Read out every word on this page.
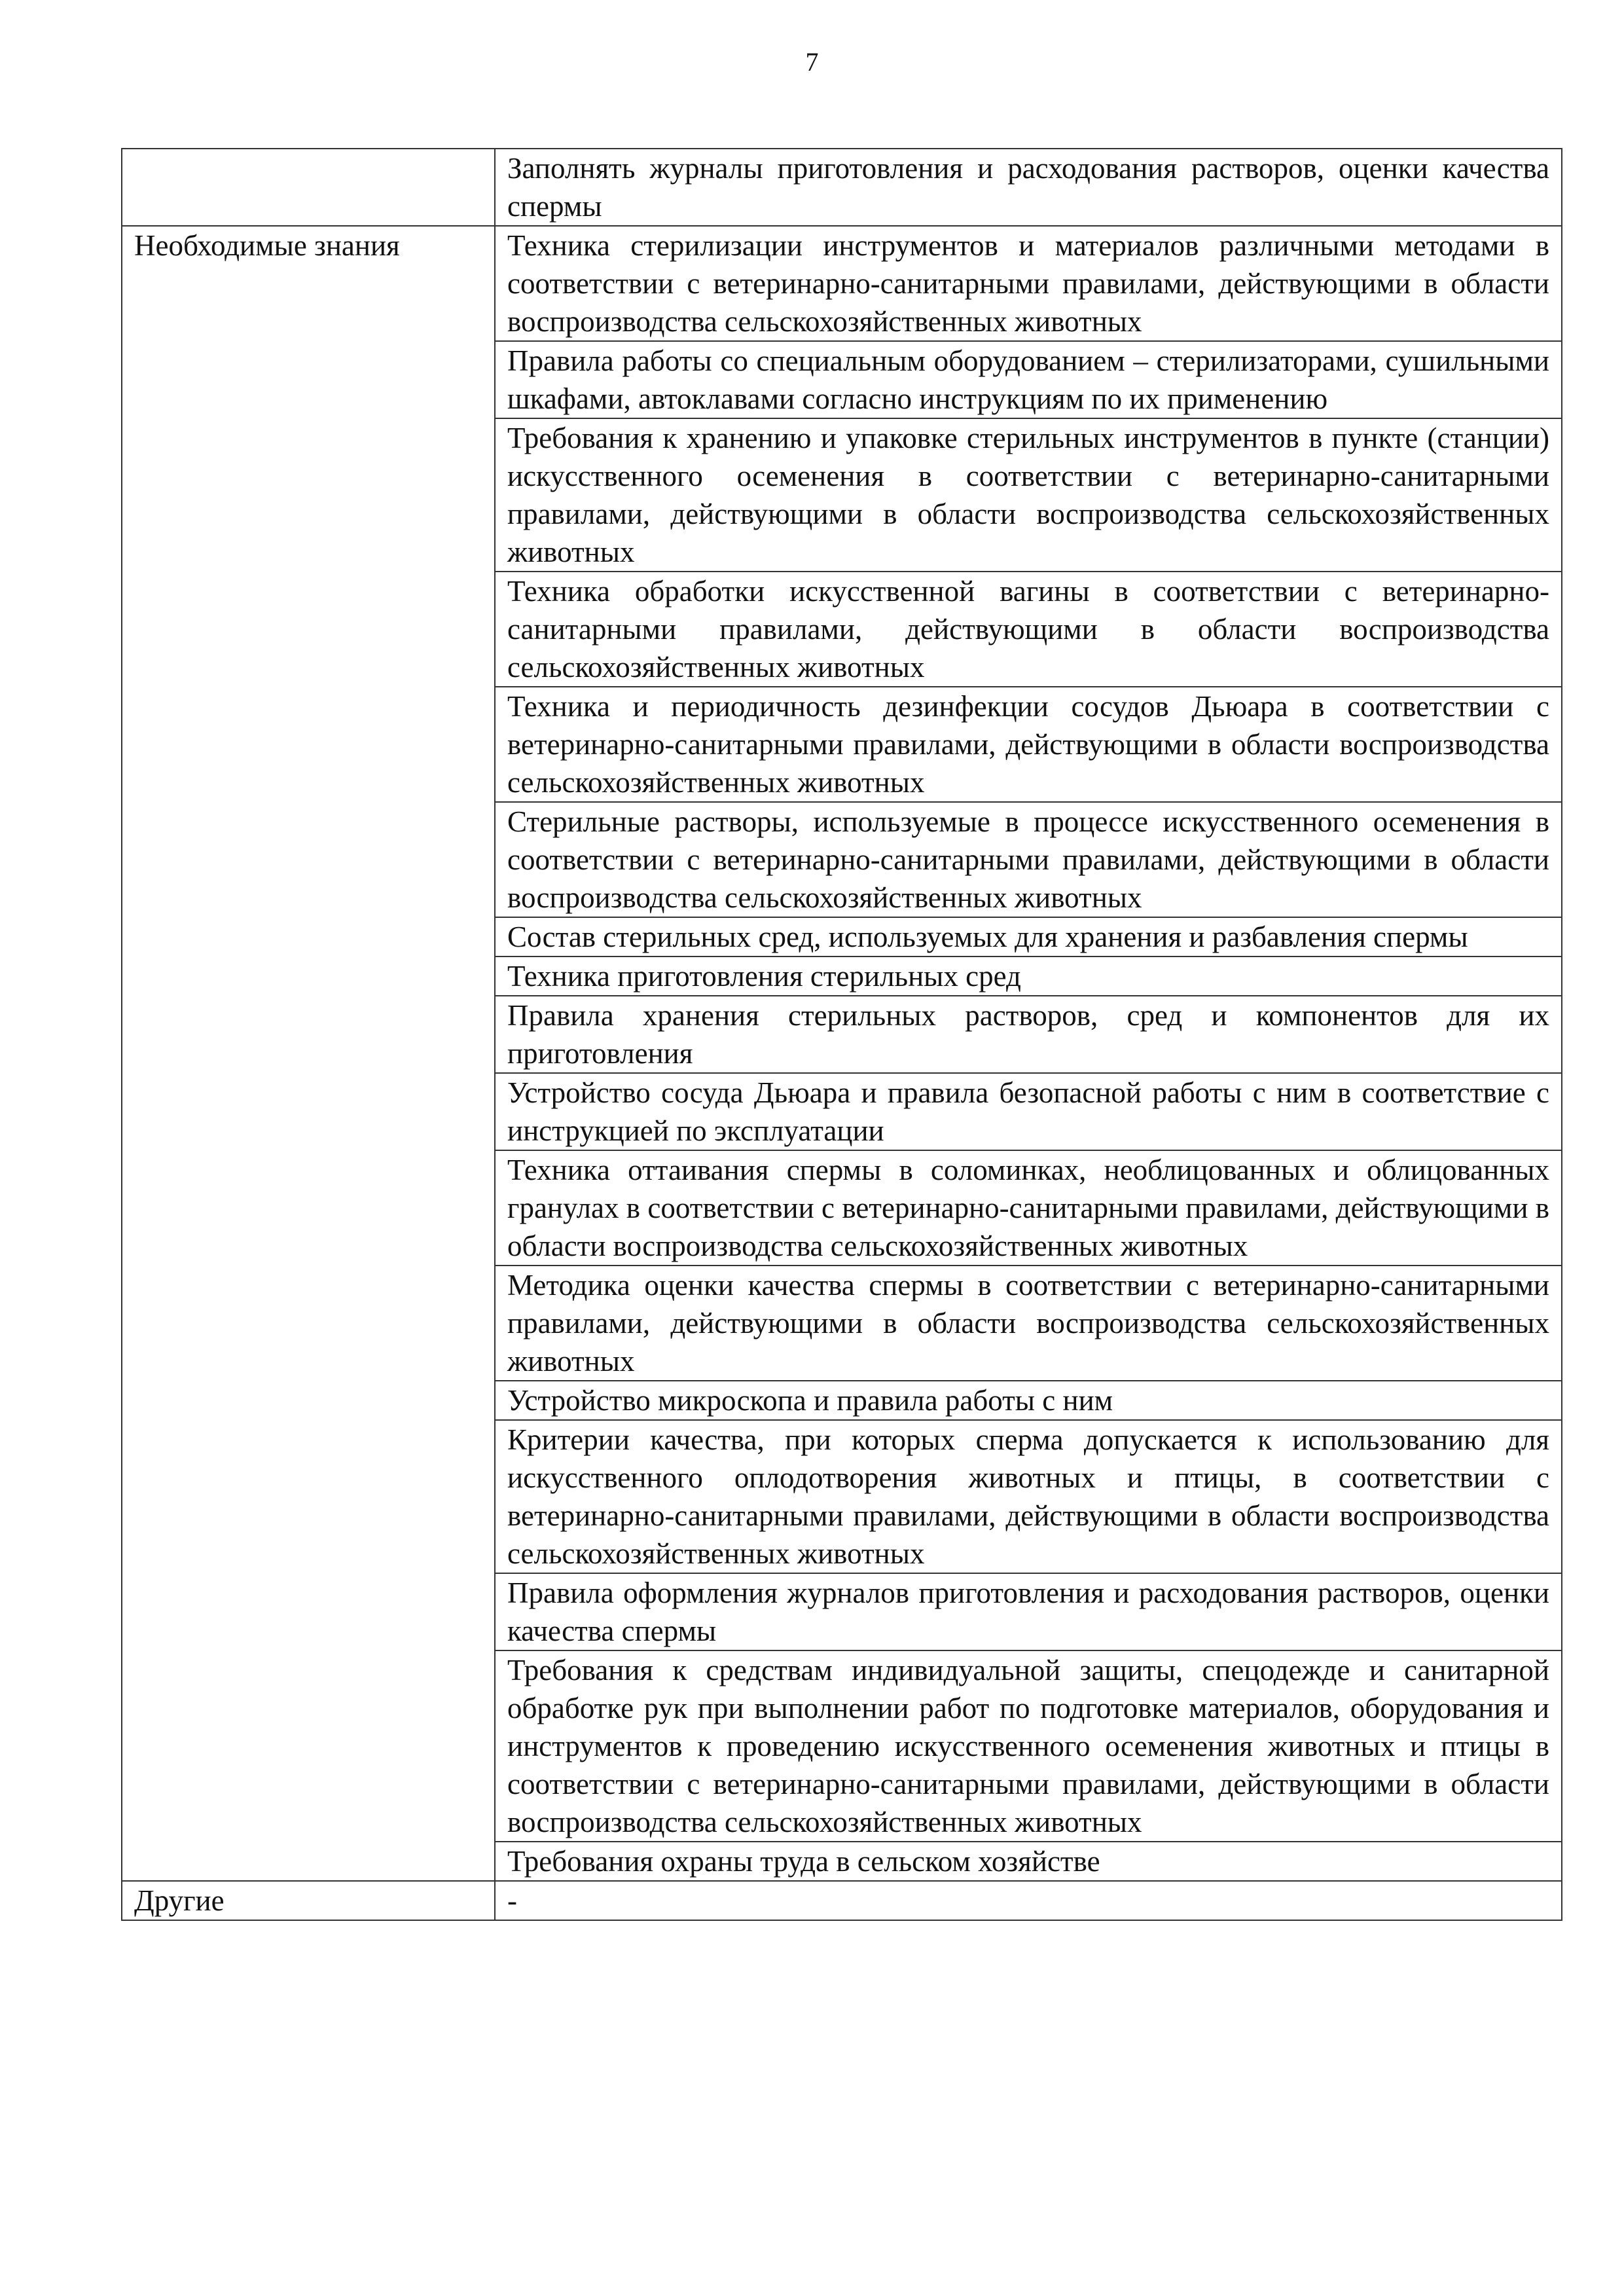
7
	Заполнять журналы приготовления и расходования растворов, оценки качества спермы
Необходимые знания	Техника стерилизации инструментов и материалов различными методами в соответствии с ветеринарно-санитарными правилами, действующими в области воспроизводства сельскохозяйственных животных
	Правила работы со специальным оборудованием – стерилизаторами, сушильными шкафами, автоклавами согласно инструкциям по их применению
	Требования к хранению и упаковке стерильных инструментов в пункте (станции) искусственного осеменения в соответствии с ветеринарно-санитарными правилами, действующими в области воспроизводства сельскохозяйственных животных
	Техника обработки искусственной вагины в соответствии с ветеринарно-санитарными правилами, действующими в области воспроизводства сельскохозяйственных животных
	Техника и периодичность дезинфекции сосудов Дьюара в соответствии с ветеринарно-санитарными правилами, действующими в области воспроизводства сельскохозяйственных животных
	Стерильные растворы, используемые в процессе искусственного осеменения в соответствии с ветеринарно-санитарными правилами, действующими в области воспроизводства сельскохозяйственных животных
	Состав стерильных сред, используемых для хранения и разбавления спермы
	Техника приготовления стерильных сред
	Правила хранения стерильных растворов, сред и компонентов для их приготовления
	Устройство сосуда Дьюара и правила безопасной работы с ним в соответствие с инструкцией по эксплуатации
	Техника оттаивания спермы в соломинках, необлицованных и облицованных гранулах в соответствии с ветеринарно-санитарными правилами, действующими в области воспроизводства сельскохозяйственных животных
	Методика оценки качества спермы в соответствии с ветеринарно-санитарными правилами, действующими в области воспроизводства сельскохозяйственных животных
	Устройство микроскопа и правила работы с ним
	Критерии качества, при которых сперма допускается к использованию для искусственного оплодотворения животных и птицы, в соответствии с ветеринарно-санитарными правилами, действующими в области воспроизводства сельскохозяйственных животных
	Правила оформления журналов приготовления и расходования растворов, оценки качества спермы
	Требования к средствам индивидуальной защиты, спецодежде и санитарной обработке рук при выполнении работ по подготовке материалов, оборудования и инструментов к проведению искусственного осеменения животных и птицы в соответствии с ветеринарно-санитарными правилами, действующими в области воспроизводства сельскохозяйственных животных
	Требования охраны труда в сельском хозяйстве
Другие	-
